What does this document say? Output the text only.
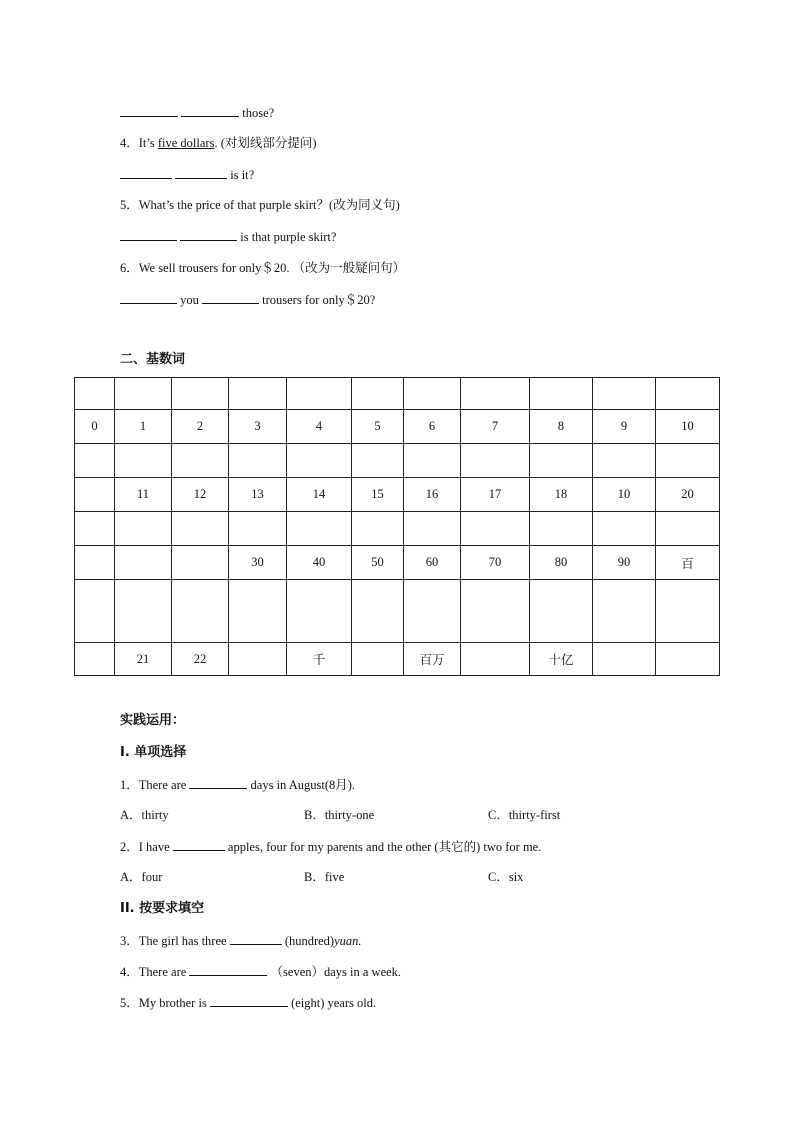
those?
4．It’s five dollars. (对划线部分提问)
is it?
5．What’s the price of that purple skirt？(改为同义句)
is that purple skirt?
6．We sell trousers for only＄20. （改为一般疑问句）
you	trousers for only＄20?
二、基数词

0	1	2	3	4	5	6	7	8	9	10

	11	12	13	14	15	16	17	18	10	20

			30	40	50	60	70	80	90	百

	21	22		千		百万		十亿		
实践运用：
I. 单项选择
1．There are	days in August(8月).
A．thirty	B．thirty-one	C．thirty-first
2．I have	apples, four for my parents and the other (其它的) two for me.
A．four	B．five	C．six
II. 按要求填空
3．The girl has three	(hundred)yuan.
4．There are	（seven）days in a week.
5．My brother is	(eight) years old.
